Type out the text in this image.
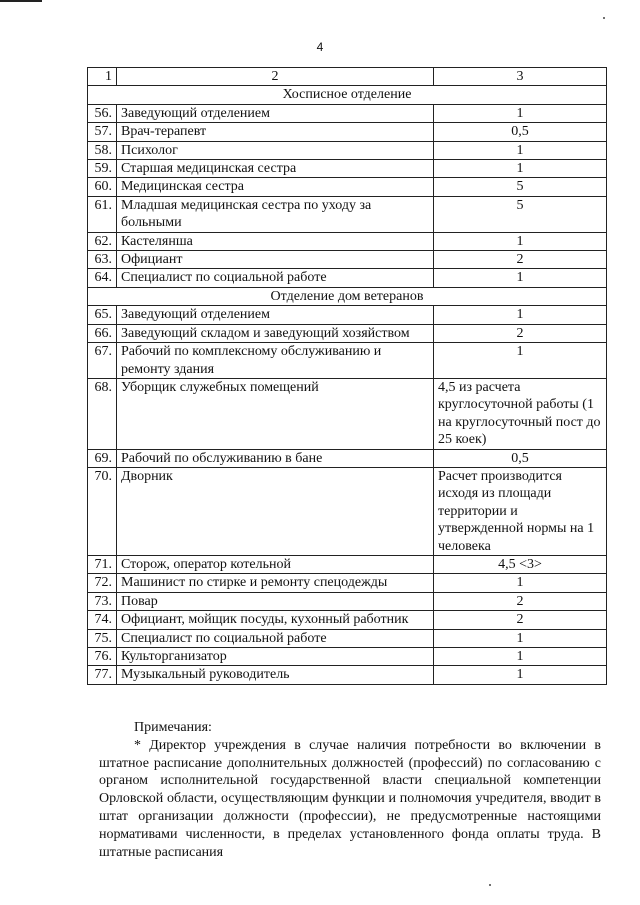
4
1	2	3
Хосписное отделение		
56.	Заведующий отделением	1
57.	Врач-терапевт	0,5
58.	Психолог	1
59.	Старшая медицинская сестра	1
60.	Медицинская сестра	5
61.	Младшая медицинская сестра по уходу за больными	5
62.	Кастелянша	1
63.	Официант	2
64.	Специалист по социальной работе	1
Отделение дом ветеранов		
65.	Заведующий отделением	1
66.	Заведующий складом и заведующий хозяйством	2
67.	Рабочий по комплексному обслуживанию и ремонту здания	1
68.	Уборщик служебных помещений	4,5 из расчета круглосуточной работы (1 на круглосуточный пост до 25 коек)
69.	Рабочий по обслуживанию в бане	0,5
70.	Дворник	Расчет производится исходя из площади территории и утвержденной нормы на 1 человека
71.	Сторож, оператор котельной	4,5 <3>
72.	Машинист по стирке и ремонту спецодежды	1
73.	Повар	2
74.	Официант, мойщик посуды, кухонный работник	2
75.	Специалист по социальной работе	1
76.	Культорганизатор	1
77.	Музыкальный руководитель	1
Примечания:
* Директор учреждения в случае наличия потребности во включении в штатное расписание дополнительных должностей (профессий) по согласованию с органом исполнительной государственной власти специальной компетенции Орловской области, осуществляющим функции и полномочия учредителя, вводит в штат организации должности (профессии), не предусмотренные настоящими нормативами численности, в пределах установленного фонда оплаты труда. В штатные расписания
